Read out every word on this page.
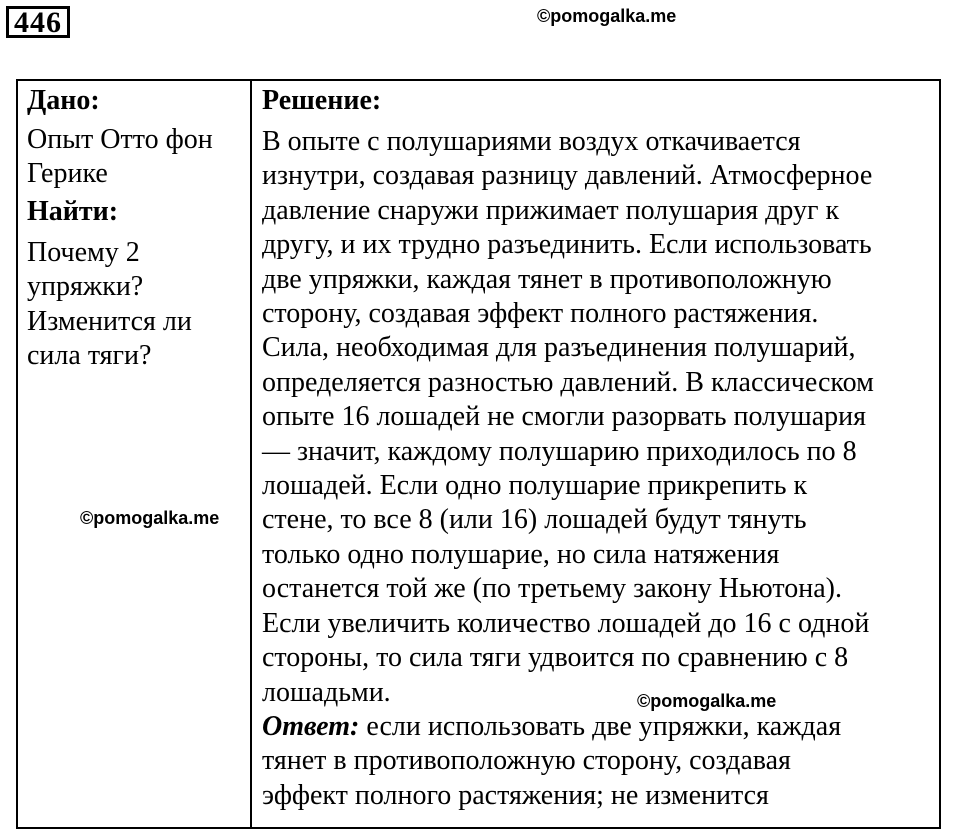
446	©pomogalka.me

Дано:

Опыт Отто фон

Герике

Найти:

Почему 2

упряжки?

Изменится ли

сила тяги?

Решение:

В опыте с полушариями воздух откачивается

изнутри, создавая разницу давлений. Атмосферное

давление снаружи прижимает полушария друг к

другу, и их трудно разъединить. Если использовать

две упряжки, каждая тянет в противоположную

сторону, создавая эффект полного растяжения.

Сила, необходимая для разъединения полушарий,

определяется разностью давлений. В классическом

опыте 16 лошадей не смогли разорвать полушария

— значит, каждому полушарию приходилось по 8

лошадей. Если одно полушарие прикрепить к

стене, то все 8 (или 16) лошадей будут тянуть

только одно полушарие, но сила натяжения

останется той же (по третьему закону Ньютона).

Если увеличить количество лошадей до 16 с одной

стороны, то сила тяги удвоится по сравнению с 8

лошадьми.

Ответ: если использовать две упряжки, каждая

тянет в противоположную сторону, создавая

эффект полного растяжения; не изменится

©pomogalka.me
©pomogalka.me
